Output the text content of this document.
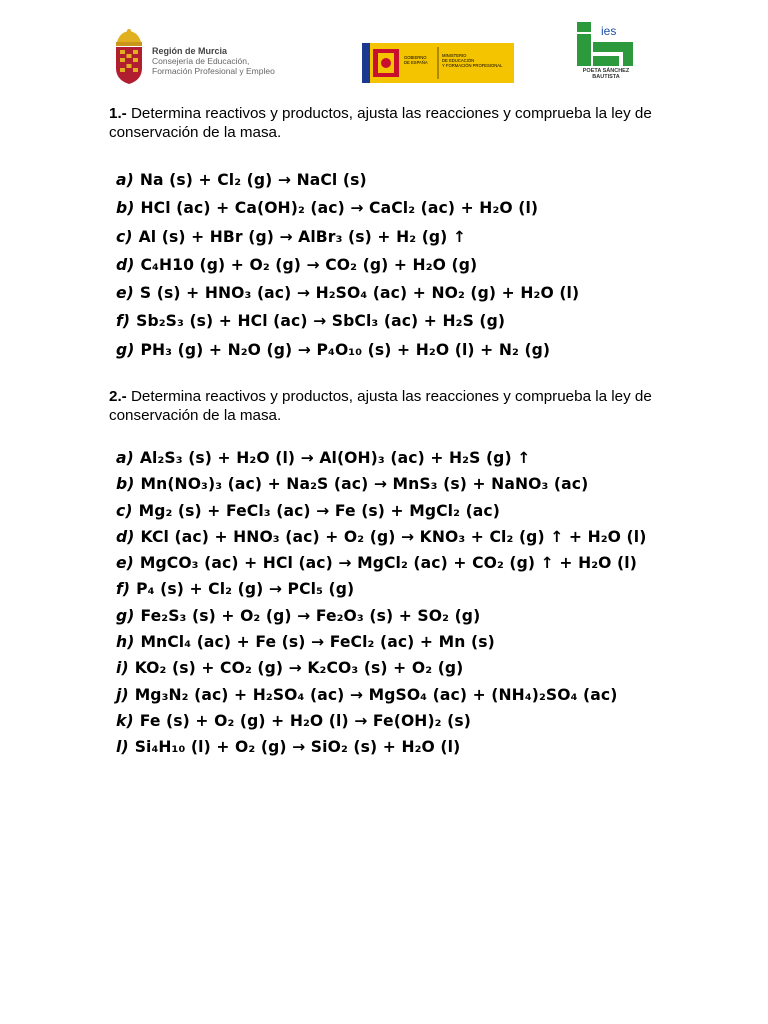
Región de Murcia
Consejería de Educación,
Formación Profesional y Empleo
GOBIERNO
DE ESPAÑA
MINISTERIO
DE EDUCACIÓN
Y FORMACIÓN PROFESIONAL
ies
POETA SÁNCHEZ
BAUTISTA
1.- Determina reactivos y productos, ajusta las reacciones y comprueba la ley de conservación de la masa.
a) Na (s) + Cl₂ (g) → NaCl (s)
b) HCl (ac) + Ca(OH)₂ (ac) → CaCl₂ (ac) + H₂O (l)
c) Al (s) + HBr (g) → AlBr₃ (s) + H₂ (g) ↑
d) C₄H10 (g) + O₂ (g) → CO₂ (g) + H₂O (g)
e) S (s) + HNO₃ (ac) → H₂SO₄ (ac) + NO₂ (g) + H₂O (l)
f) Sb₂S₃ (s) + HCl (ac) → SbCl₃ (ac) + H₂S (g)
g) PH₃ (g) + N₂O (g) → P₄O₁₀ (s) + H₂O (l) + N₂ (g)
2.- Determina reactivos y productos, ajusta las reacciones y comprueba la ley de conservación de la masa.
a) Al₂S₃ (s) + H₂O (l) → Al(OH)₃ (ac) + H₂S (g) ↑
b) Mn(NO₃)₃ (ac) + Na₂S (ac) → MnS₃ (s) + NaNO₃ (ac)
c) Mg₂ (s) + FeCl₃ (ac) → Fe (s) + MgCl₂ (ac)
d) KCl (ac) + HNO₃ (ac) + O₂ (g) → KNO₃ + Cl₂ (g) ↑ + H₂O (l)
e) MgCO₃ (ac) + HCl (ac) → MgCl₂ (ac) + CO₂ (g) ↑ + H₂O (l)
f) P₄ (s) + Cl₂ (g) → PCl₅ (g)
g) Fe₂S₃ (s) + O₂ (g) → Fe₂O₃ (s) + SO₂ (g)
h) MnCl₄ (ac) + Fe (s) → FeCl₂ (ac) + Mn (s)
i) KO₂ (s) + CO₂ (g) → K₂CO₃ (s) + O₂ (g)
j) Mg₃N₂ (ac) + H₂SO₄ (ac) → MgSO₄ (ac) + (NH₄)₂SO₄ (ac)
k) Fe (s) + O₂ (g) + H₂O (l) → Fe(OH)₂ (s)
l) Si₄H₁₀ (l) + O₂ (g) → SiO₂ (s) + H₂O (l)
